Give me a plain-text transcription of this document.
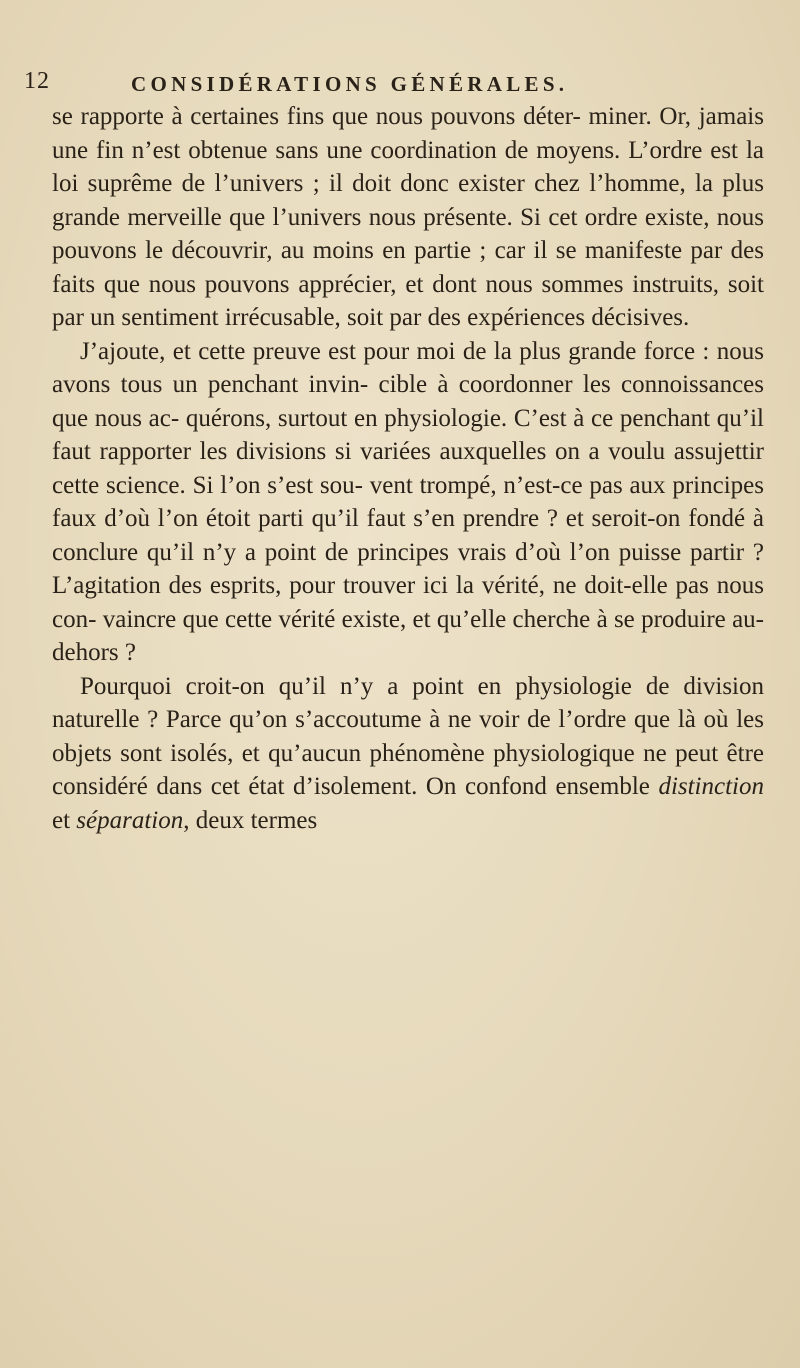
12	CONSIDÉRATIONS GÉNÉRALES.

se rapporte à certaines fins que nous pouvons déter- miner. Or, jamais une fin n’est obtenue sans une coordination de moyens. L’ordre est la loi suprême de l’univers ; il doit donc exister chez l’homme, la plus grande merveille que l’univers nous présente. Si cet ordre existe, nous pouvons le découvrir, au moins en partie ; car il se manifeste par des faits que nous pouvons apprécier, et dont nous sommes instruits, soit par un sentiment irrécusable, soit par des expériences décisives.

J’ajoute, et cette preuve est pour moi de la plus grande force : nous avons tous un penchant invin- cible à coordonner les connoissances que nous ac- quérons, surtout en physiologie. C’est à ce penchant qu’il faut rapporter les divisions si variées auxquelles on a voulu assujettir cette science. Si l’on s’est sou- vent trompé, n’est-ce pas aux principes faux d’où l’on étoit parti qu’il faut s’en prendre ? et seroit-on fondé à conclure qu’il n’y a point de principes vrais d’où l’on puisse partir ? L’agitation des esprits, pour trouver ici la vérité, ne doit-elle pas nous con- vaincre que cette vérité existe, et qu’elle cherche à se produire au-dehors ?

Pourquoi croit-on qu’il n’y a point en physiologie de division naturelle ? Parce qu’on s’accoutume à ne voir de l’ordre que là où les objets sont isolés, et qu’aucun phénomène physiologique ne peut être considéré dans cet état d’isolement. On confond ensemble distinction et séparation, deux termes
